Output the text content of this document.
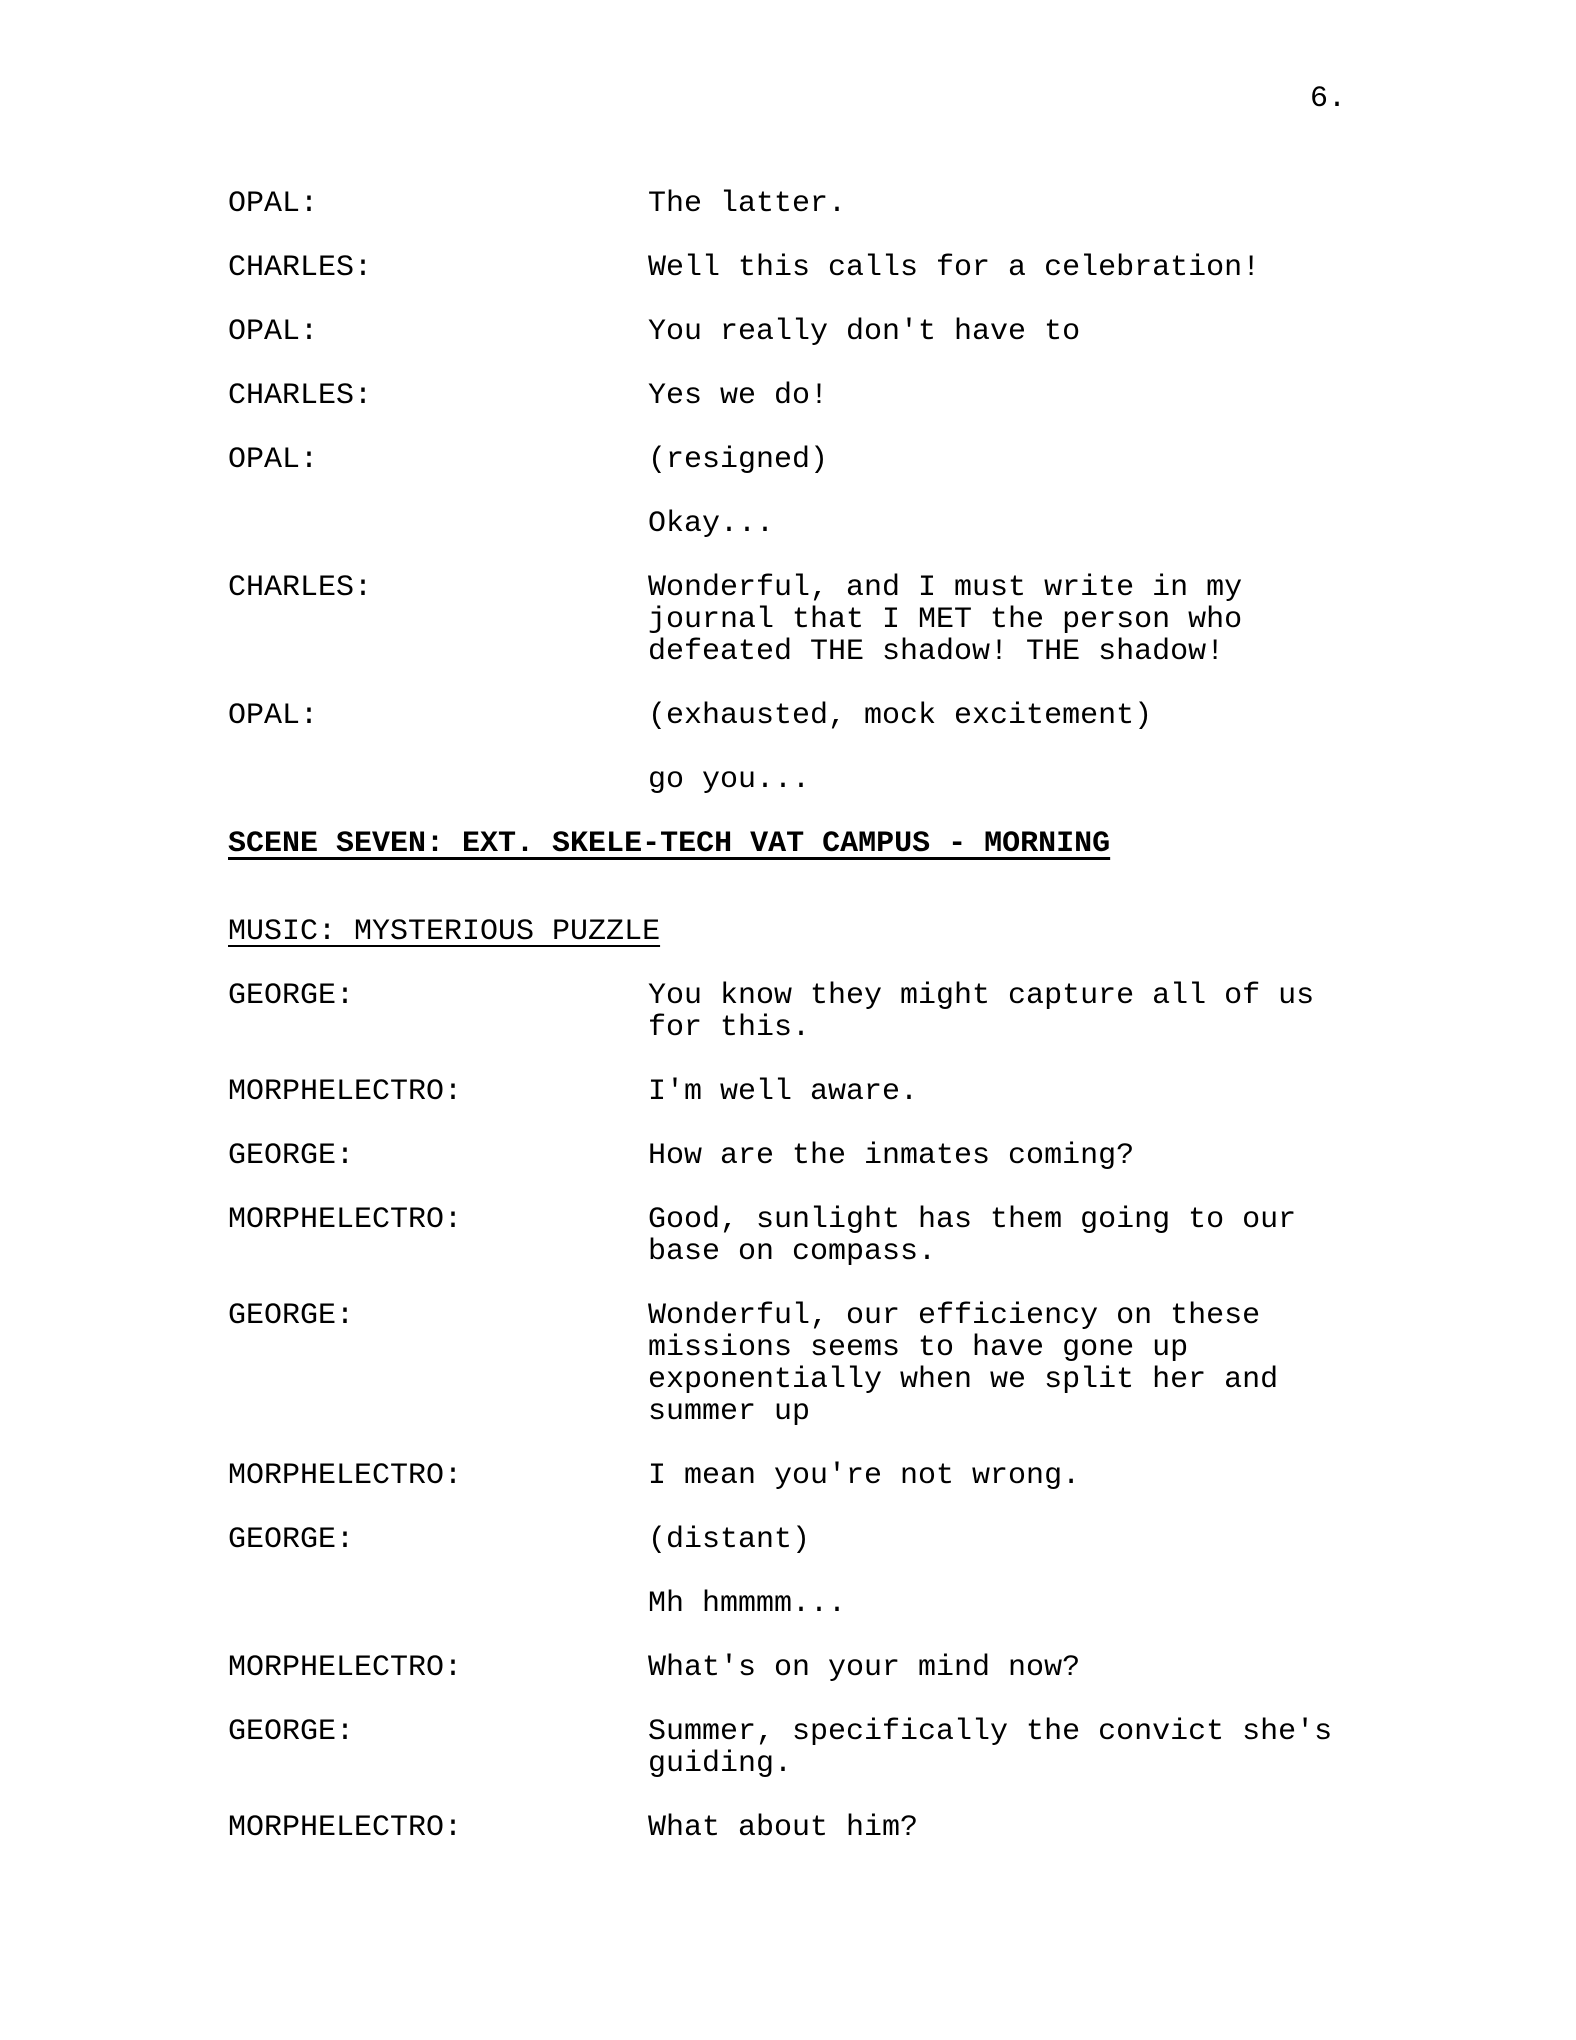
6.
OPAL:	The latter.
CHARLES:	Well this calls for a celebration!
OPAL:	You really don't have to
CHARLES:	Yes we do!
OPAL:	(resigned)
Okay...
CHARLES:	Wonderful, and I must write in my journal that I MET the person who defeated THE shadow! THE shadow!
OPAL:	(exhausted, mock excitement)
go you...
SCENE SEVEN: EXT. SKELE-TECH VAT CAMPUS - MORNING
MUSIC: MYSTERIOUS PUZZLE
GEORGE:	You know they might capture all of us for this.
MORPHELECTRO:	I'm well aware.
GEORGE:	How are the inmates coming?
MORPHELECTRO:	Good, sunlight has them going to our base on compass.
GEORGE:	Wonderful, our efficiency on these missions seems to have gone up exponentially when we split her and summer up
MORPHELECTRO:	I mean you're not wrong.
GEORGE:	(distant)
Mh hmmmm...
MORPHELECTRO:	What's on your mind now?
GEORGE:	Summer, specifically the convict she's guiding.
MORPHELECTRO:	What about him?
